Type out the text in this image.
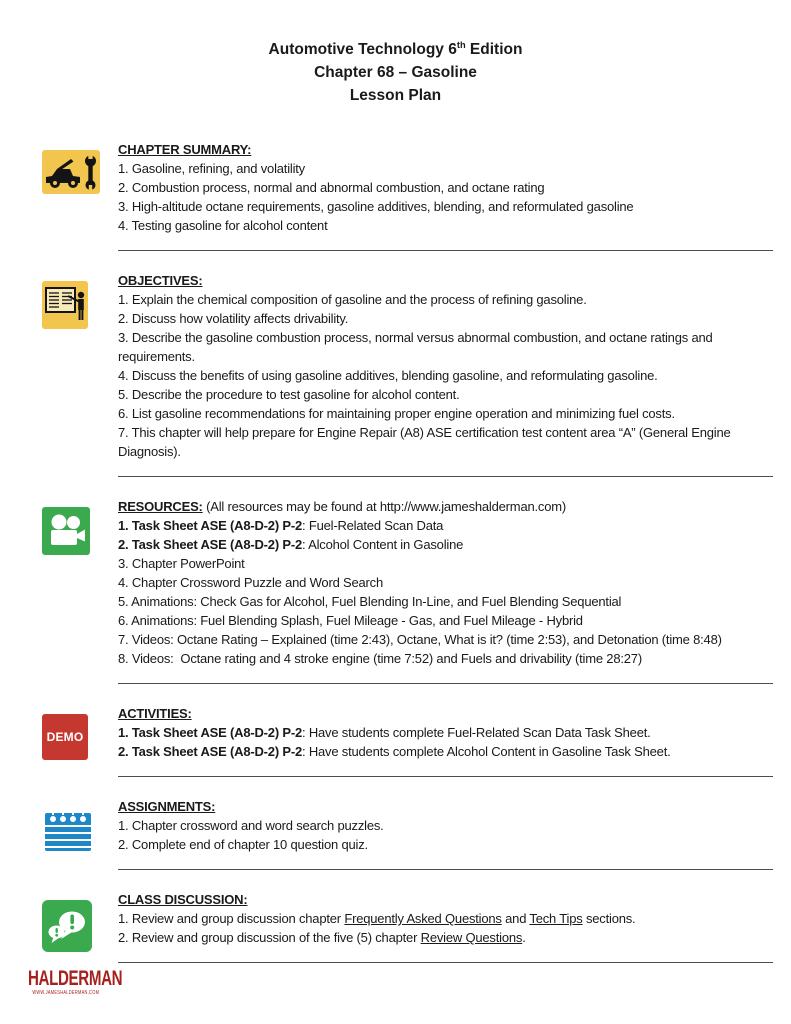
Automotive Technology 6th Edition
Chapter 68 – Gasoline
Lesson Plan
CHAPTER SUMMARY:

1. Gasoline, refining, and volatility

2. Combustion process, normal and abnormal combustion, and octane rating

3. High-altitude octane requirements, gasoline additives, blending, and reformulated gasoline

4. Testing gasoline for alcohol content

OBJECTIVES:

1. Explain the chemical composition of gasoline and the process of refining gasoline.

2. Discuss how volatility affects drivability.

3. Describe the gasoline combustion process, normal versus abnormal combustion, and octane ratings and requirements.

4. Discuss the benefits of using gasoline additives, blending gasoline, and reformulating gasoline.

5. Describe the procedure to test gasoline for alcohol content.

6. List gasoline recommendations for maintaining proper engine operation and minimizing fuel costs.

7. This chapter will help prepare for Engine Repair (A8) ASE certification test content area “A” (General Engine Diagnosis).

RESOURCES: (All resources may be found at http://www.jameshalderman.com)

1. Task Sheet ASE (A8-D-2) P-2: Fuel-Related Scan Data

2. Task Sheet ASE (A8-D-2) P-2: Alcohol Content in Gasoline

3. Chapter PowerPoint

4. Chapter Crossword Puzzle and Word Search

5. Animations: Check Gas for Alcohol, Fuel Blending In-Line, and Fuel Blending Sequential

6. Animations: Fuel Blending Splash, Fuel Mileage - Gas, and Fuel Mileage - Hybrid

7. Videos: Octane Rating – Explained (time 2:43), Octane, What is it? (time 2:53), and Detonation (time 8:48)

8. Videos:  Octane rating and 4 stroke engine (time 7:52) and Fuels and drivability (time 28:27)

DEMO
ACTIVITIES:

1. Task Sheet ASE (A8-D-2) P-2: Have students complete Fuel-Related Scan Data Task Sheet.

2. Task Sheet ASE (A8-D-2) P-2: Have students complete Alcohol Content in Gasoline Task Sheet.

ASSIGNMENTS:

1. Chapter crossword and word search puzzles.

2. Complete end of chapter 10 question quiz.

CLASS DISCUSSION:

1. Review and group discussion chapter Frequently Asked Questions and Tech Tips sections.

2. Review and group discussion of the five (5) chapter Review Questions.

HALDERMAN
WWW.JAMESHALDERMAN.COM
